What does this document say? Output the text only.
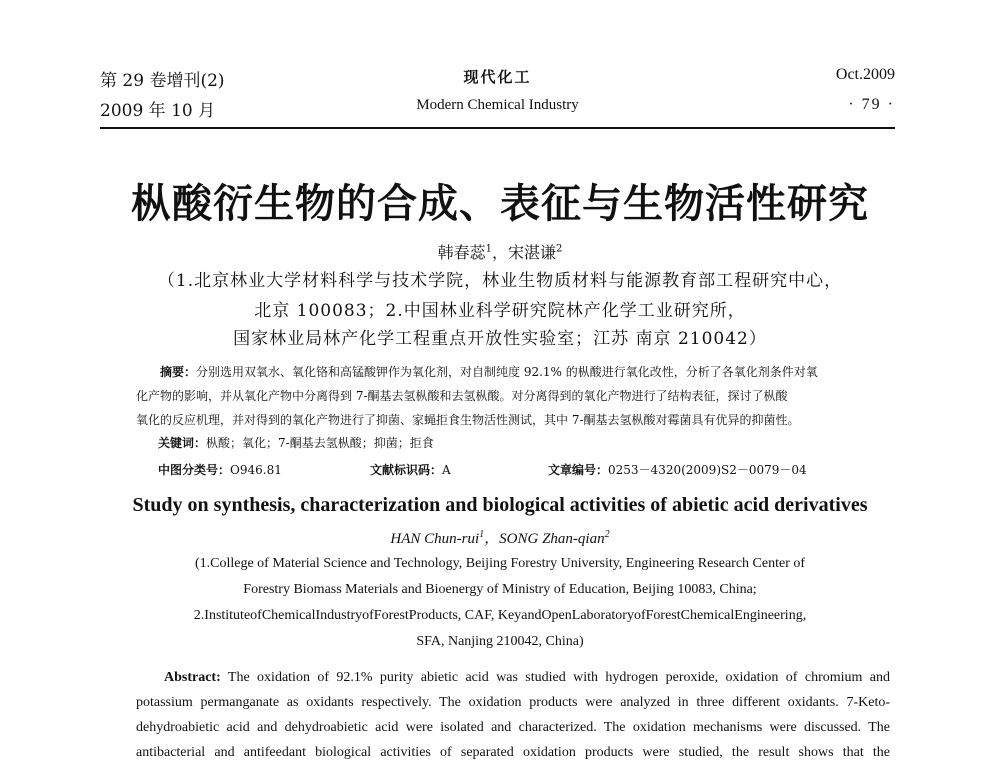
第 29 卷增刊(2)
2009 年 10 月
现代化工
Modern Chemical Industry
Oct.2009
· 79 ·
枞酸衍生物的合成、表征与生物活性研究
韩春蕊$^1$，宋湛谦$^2$
（1.北京林业大学材料科学与技术学院，林业生物质材料与能源教育部工程研究中心，
北京 100083；2.中国林业科学研究院林产化学工业研究所，
国家林业局林产化学工程重点开放性实验室；江苏 南京 210042）
摘要：分别选用双氧水、氧化铬和高锰酸钾作为氧化剂，对自制纯度 92.1% 的枞酸进行氧化改性，分析了各氧化剂条件对氧
化产物的影响，并从氧化产物中分离得到 7-酮基去氢枞酸和去氢枞酸。对分离得到的氧化产物进行了结构表征，探讨了枞酸
氧化的反应机理，并对得到的氧化产物进行了抑菌、家蝇拒食生物活性测试，其中 7-酮基去氢枞酸对霉菌具有优异的抑菌性。
关键词：枞酸；氧化；7-酮基去氢枞酸；抑菌；拒食
中图分类号：O946.81	文献标识码：A	文章编号：0253－4320(2009)S2－0079－04
Study on synthesis, characterization and biological activities of abietic acid derivatives
HAN Chun-rui$^1$，SONG Zhan-qian$^2$
(1.College of Material Science and Technology, Beijing Forestry University, Engineering Research Center of
Forestry Biomass Materials and Bioenergy of Ministry of Education, Beijing 10083, China;
2.InstituteofChemicalIndustryofForestProducts, CAF, KeyandOpenLaboratoryofForestChemicalEngineering,
SFA, Nanjing 210042, China)
Abstract: The oxidation of 92.1% purity abietic acid was studied with hydrogen peroxide, oxidation of chromium and
potassium permanganate as oxidants respectively. The oxidation products were analyzed in three different oxidants. 7-Keto-
dehydroabietic acid and dehydroabietic acid were isolated and characterized. The oxidation mechanisms were discussed. The
antibacterial and antifeedant biological activities of separated oxidation products were studied, the result shows that the
